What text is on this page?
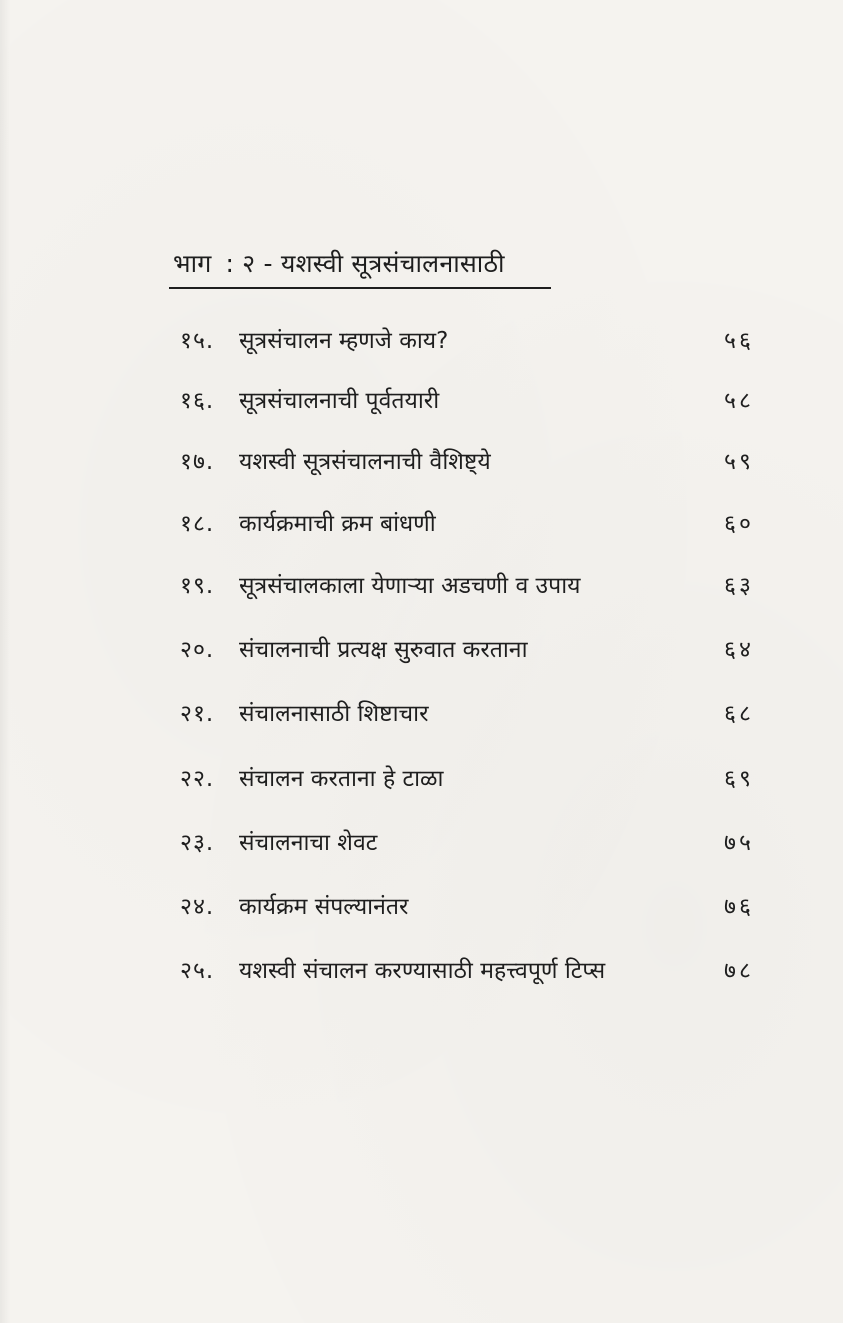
भाग : २ - यशस्वी सूत्रसंचालनासाठी
१५.	सूत्रसंचालन म्हणजे काय?	५६
१६.	सूत्रसंचालनाची पूर्वतयारी	५८
१७.	यशस्वी सूत्रसंचालनाची वैशिष्ट्ये	५९
१८.	कार्यक्रमाची क्रम बांधणी	६०
१९.	सूत्रसंचालकाला येणाऱ्या अडचणी व उपाय	६३
२०.	संचालनाची प्रत्यक्ष सुरुवात करताना	६४
२१.	संचालनासाठी शिष्टाचार	६८
२२.	संचालन करताना हे टाळा	६९
२३.	संचालनाचा शेवट	७५
२४.	कार्यक्रम संपल्यानंतर	७६
२५.	यशस्वी संचालन करण्यासाठी महत्त्वपूर्ण टिप्स	७८
